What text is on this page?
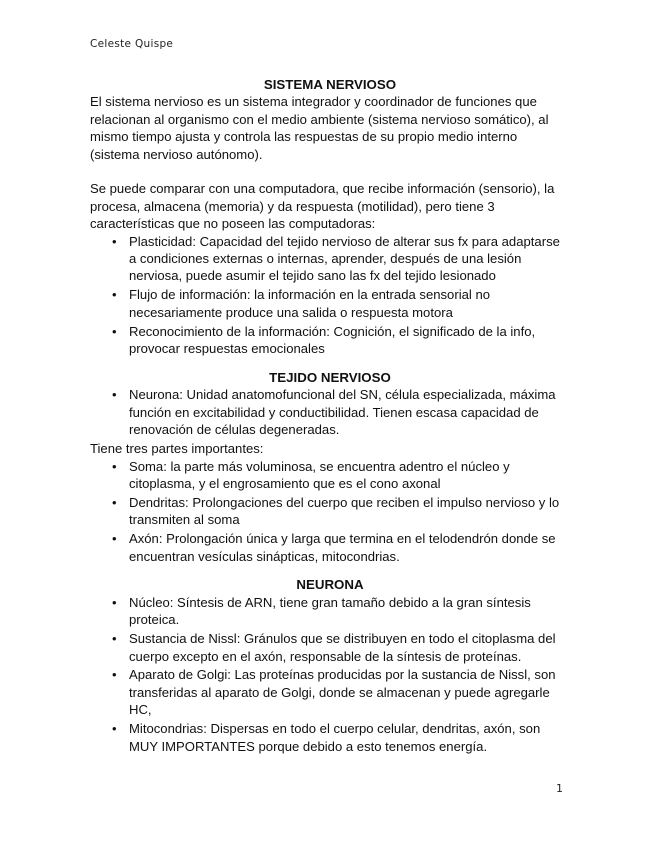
Celeste Quispe

SISTEMA NERVIOSO

El sistema nervioso es un sistema integrador y coordinador de funciones que relacionan al organismo con el medio ambiente (sistema nervioso somático), al mismo tiempo ajusta y controla las respuestas de su propio medio interno (sistema nervioso autónomo).

Se puede comparar con una computadora, que recibe información (sensorio), la procesa, almacena (memoria) y da respuesta (motilidad), pero tiene 3 características que no poseen las computadoras:

• Plasticidad: Capacidad del tejido nervioso de alterar sus fx para adaptarse a condiciones externas o internas, aprender, después de una lesión nerviosa, puede asumir el tejido sano las fx del tejido lesionado
• Flujo de información: la información en la entrada sensorial no necesariamente produce una salida o respuesta motora
• Reconocimiento de la información: Cognición, el significado de la info, provocar respuestas emocionales

TEJIDO NERVIOSO

• Neurona: Unidad anatomofuncional del SN, célula especializada, máxima función en excitabilidad y conductibilidad. Tienen escasa capacidad de renovación de células degeneradas.

Tiene tres partes importantes:

• Soma: la parte más voluminosa, se encuentra adentro el núcleo y citoplasma, y el engrosamiento que es el cono axonal
• Dendritas: Prolongaciones del cuerpo que reciben el impulso nervioso y lo transmiten al soma
• Axón: Prolongación única y larga que termina en el telodendrón donde se encuentran vesículas sinápticas, mitocondrias.

NEURONA

• Núcleo: Síntesis de ARN, tiene gran tamaño debido a la gran síntesis proteica.
• Sustancia de Nissl: Gránulos que se distribuyen en todo el citoplasma del cuerpo excepto en el axón, responsable de la síntesis de proteínas.
• Aparato de Golgi: Las proteínas producidas por la sustancia de Nissl, son transferidas al aparato de Golgi, donde se almacenan y puede agregarle HC,
• Mitocondrias: Dispersas en todo el cuerpo celular, dendritas, axón, son MUY IMPORTANTES porque debido a esto tenemos energía.
1
